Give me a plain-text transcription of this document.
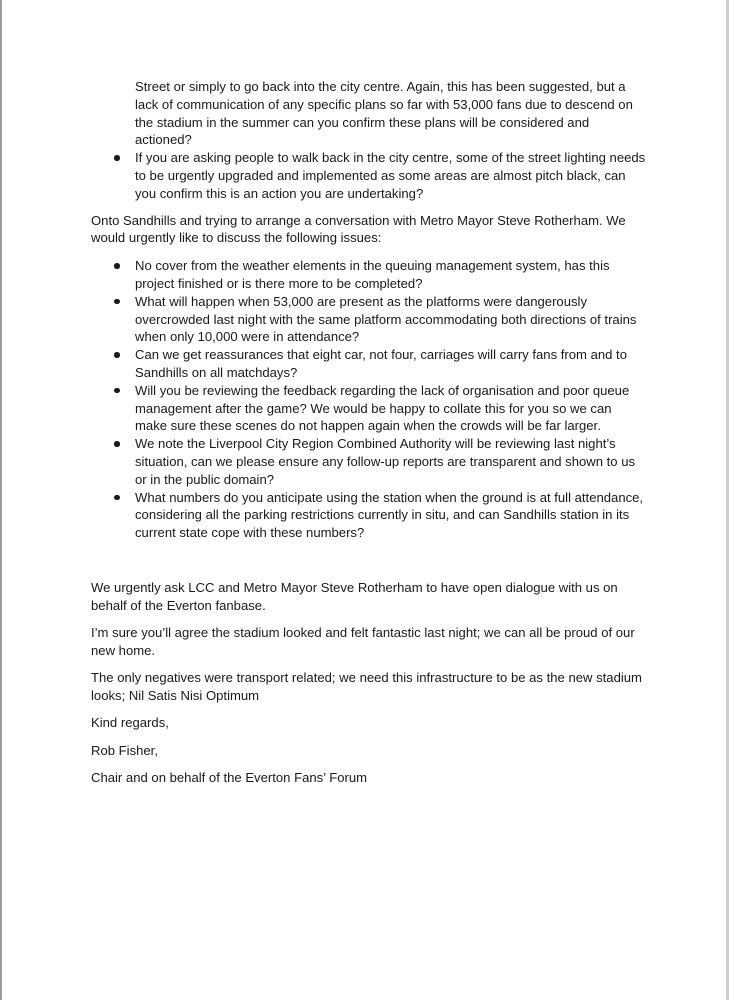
Street or simply to go back into the city centre. Again, this has been suggested, but a lack of communication of any specific plans so far with 53,000 fans due to descend on the stadium in the summer can you confirm these plans will be considered and actioned?

If you are asking people to walk back in the city centre, some of the street lighting needs to be urgently upgraded and implemented as some areas are almost pitch black, can you confirm this is an action you are undertaking?

Onto Sandhills and trying to arrange a conversation with Metro Mayor Steve Rotherham. We would urgently like to discuss the following issues:

No cover from the weather elements in the queuing management system, has this project finished or is there more to be completed?
What will happen when 53,000 are present as the platforms were dangerously overcrowded last night with the same platform accommodating both directions of trains when only 10,000 were in attendance?
Can we get reassurances that eight car, not four, carriages will carry fans from and to Sandhills on all matchdays?
Will you be reviewing the feedback regarding the lack of organisation and poor queue management after the game? We would be happy to collate this for you so we can make sure these scenes do not happen again when the crowds will be far larger.
We note the Liverpool City Region Combined Authority will be reviewing last night’s situation, can we please ensure any follow-up reports are transparent and shown to us or in the public domain?
What numbers do you anticipate using the station when the ground is at full attendance, considering all the parking restrictions currently in situ, and can Sandhills station in its current state cope with these numbers?

We urgently ask LCC and Metro Mayor Steve Rotherham to have open dialogue with us on behalf of the Everton fanbase.

I’m sure you’ll agree the stadium looked and felt fantastic last night; we can all be proud of our new home.

The only negatives were transport related; we need this infrastructure to be as the new stadium looks; Nil Satis Nisi Optimum

Kind regards,

Rob Fisher,

Chair and on behalf of the Everton Fans’ Forum
